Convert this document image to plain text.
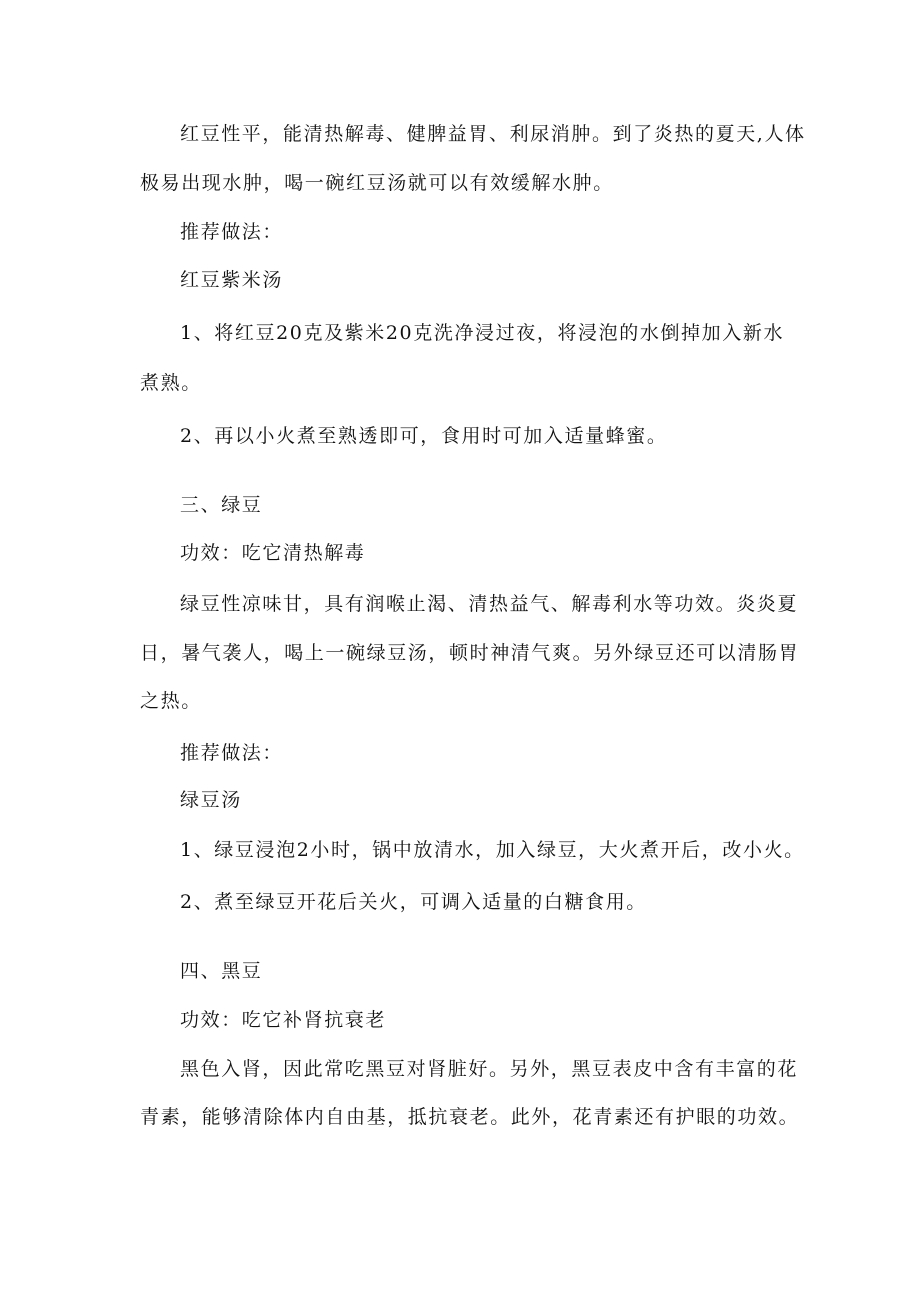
红豆性平，能清热解毒、健脾益胃、利尿消肿。到了炎热的夏天,人体
极易出现水肿，喝一碗红豆汤就可以有效缓解水肿。
推荐做法：
红豆紫米汤
1、将红豆20克及紫米20克洗净浸过夜，将浸泡的水倒掉加入新水
煮熟。
2、再以小火煮至熟透即可，食用时可加入适量蜂蜜。
三、绿豆
功效：吃它清热解毒
绿豆性凉味甘，具有润喉止渴、清热益气、解毒利水等功效。炎炎夏
日，暑气袭人，喝上一碗绿豆汤，顿时神清气爽。另外绿豆还可以清肠胃
之热。
推荐做法：
绿豆汤
1、绿豆浸泡2小时，锅中放清水，加入绿豆，大火煮开后，改小火。
2、煮至绿豆开花后关火，可调入适量的白糖食用。
四、黑豆
功效：吃它补肾抗衰老
黑色入肾，因此常吃黑豆对肾脏好。另外，黑豆表皮中含有丰富的花
青素，能够清除体内自由基，抵抗衰老。此外，花青素还有护眼的功效。
